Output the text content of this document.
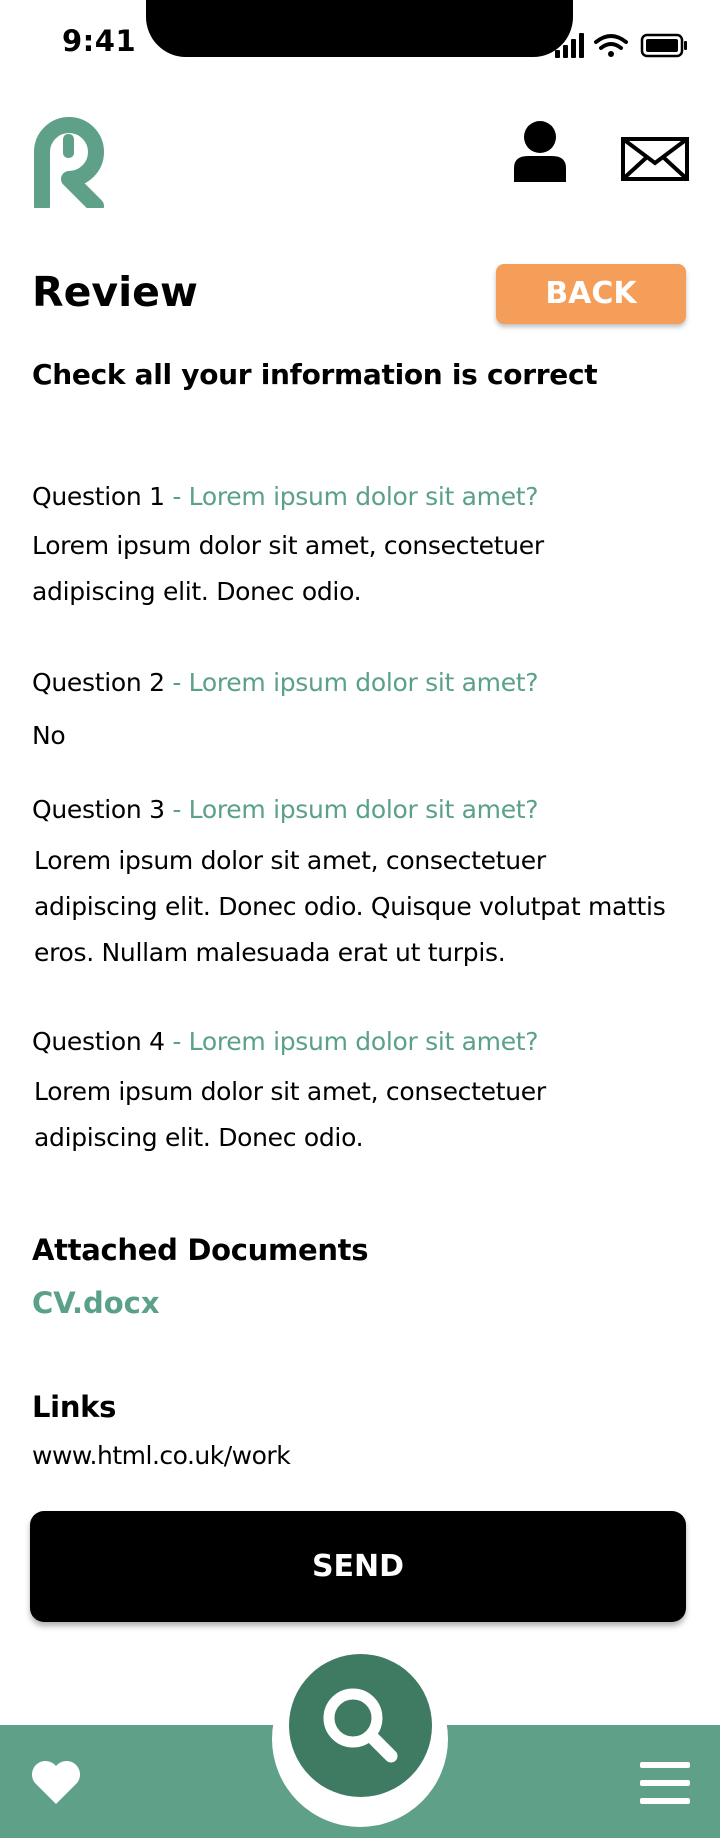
9:41
Review	BACK
Check all your information is correct
Question 1 - Lorem ipsum dolor sit amet?
Lorem ipsum dolor sit amet, consectetuer adipiscing elit. Donec odio.
Question 2 - Lorem ipsum dolor sit amet?
No
Question 3 - Lorem ipsum dolor sit amet?
Lorem ipsum dolor sit amet, consectetuer adipiscing elit. Donec odio. Quisque volutpat mattis eros. Nullam malesuada erat ut turpis.
Question 4 - Lorem ipsum dolor sit amet?
Lorem ipsum dolor sit amet, consectetuer adipiscing elit. Donec odio.
Attached Documents
CV.docx
Links
www.html.co.uk/work
SEND
